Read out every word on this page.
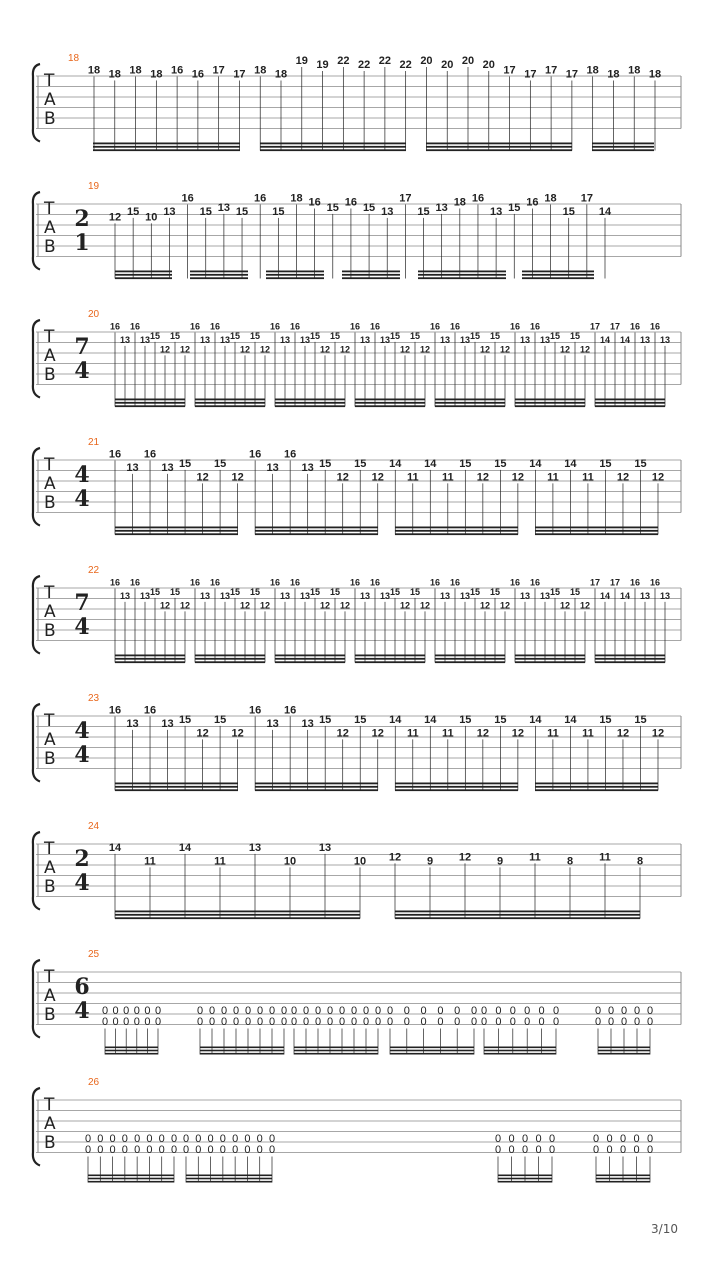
T
A
B
18
18 18 18 18 16 16 17 17 18 18
19 19 22 22 22 22 20 20 20 20 17 17 17 17 18 18 18 18
T
A
B
19
2
1
12 15 10 13
16
15 13 15
16
15
18 16 15 16 15 13
17
15 13 18 16
13 15 16 18
15
17
14
T
A
B
20
7
4
16
13
16
13 15
12
15
12
16
13
16
13 15
12
15
12
16
13
16
13 15
12
15
12
16
13
16
13 15
12
15
12
16
13
16
13 15
12
15
12
16
13
16
13 15
12
15
12
17
14
17
14
16
13
16
13
T
A
B
21
4
4
16
13
16
13 15
12
15
12
16
13
16
13 15
12
15
12
14
11
14
11
15
12
15
12
14
11
14
11
15
12
15
12
T
A
B
22
7
4
16
13
16
13 15
12
15
12
16
13
16
13 15
12
15
12
16
13
16
13 15
12
15
12
16
13
16
13 15
12
15
12
16
13
16
13 15
12
15
12
16
13
16
13 15
12
15
12
17
14
17
14
16
13
16
13
T
A
B
23
4
4
16
13
16
13 15
12
15
12
16
13
16
13 15
12
15
12
14
11
14
11
15
12
15
12
14
11
14
11
15
12
15
12
T
A
B
24
2
4
14
11
14
11
13
10
13
10 12 9 12 9 11 8 11 8
T
A
B
25
6
4 0
0
0
0
0
0
0
0
0
0
0
0
0
0
0
0
0
0
0
0
0
0
0
0
0
0
0
0
0
0
0
0
0
0
0
0
0
0
0
0
0
0
0
0
0
0
0
0
0
0
0
0
0
0
0
0
0
0
0
0
0
0
0
0
0
0
0
0
0
0
0
0
0
0
0
0
0
0
T
A
B
26
0
0
0
0
0
0
0
0
0
0
0
0
0
0
0
0
0
0
0
0
0
0
0
0
0
0
0
0
0
0
0
0
0
0
0
0
0
0
0
0
0
0
0
0
0
0
0
0
0
0
0
0
3/10
